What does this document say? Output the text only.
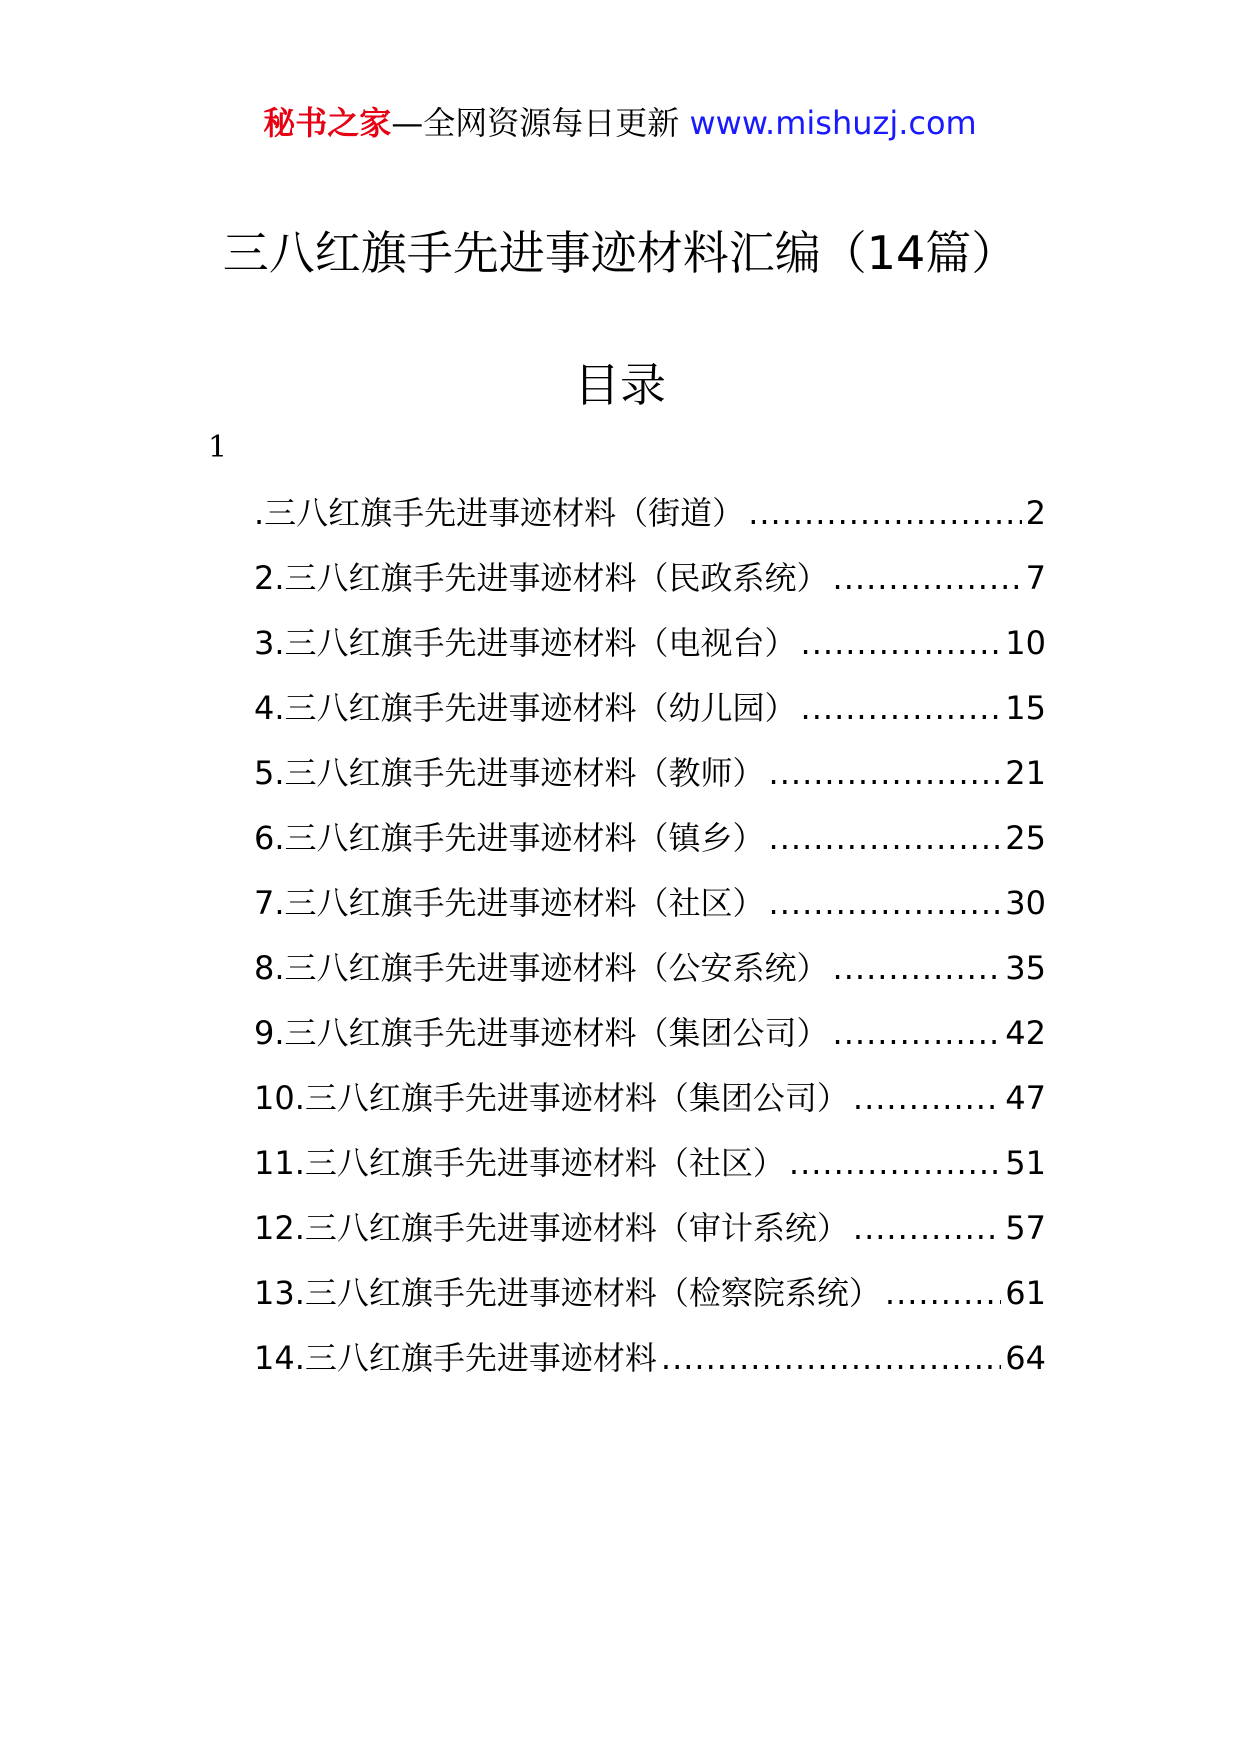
秘书之家—全网资源每日更新 www.mishuzj.com
三八红旗手先进事迹材料汇编（14篇）
目录
1
.三八红旗手先进事迹材料（街道） .....	2
2.三八红旗手先进事迹材料（民政系统） .....	7
3.三八红旗手先进事迹材料（电视台） .....	10
4.三八红旗手先进事迹材料（幼儿园） .....	15
5.三八红旗手先进事迹材料（教师） .....	21
6.三八红旗手先进事迹材料（镇乡） .....	25
7.三八红旗手先进事迹材料（社区） .....	30
8.三八红旗手先进事迹材料（公安系统） .....	35
9.三八红旗手先进事迹材料（集团公司） .....	42
10.三八红旗手先进事迹材料（集团公司） .....	47
11.三八红旗手先进事迹材料（社区） .....	51
12.三八红旗手先进事迹材料（审计系统） .....	57
13.三八红旗手先进事迹材料（检察院系统） .....	61
14.三八红旗手先进事迹材料 .....	64
